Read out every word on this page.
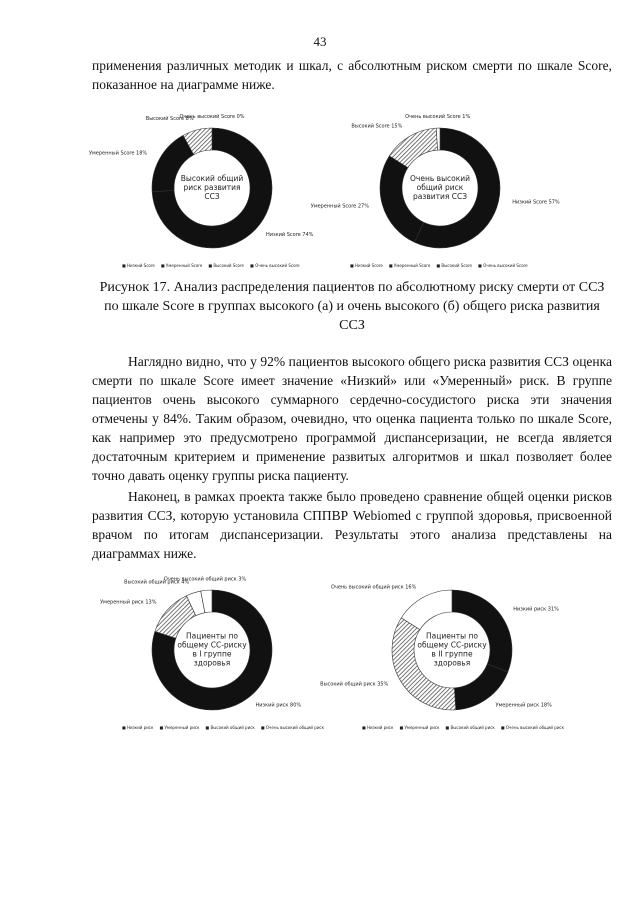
43
применения различных методик и шкал, с абсолютным риском смерти по шкале Score, показанное на диаграмме ниже.
Низкий Score 74%
Умеренный Score 18%
Высокий Score 8%
Очень высокий Score 0%
Высокий общий
риск развития
ССЗ
■ Низкий Score ■ Умеренный Score ■ Высокий Score ■ Очень высокий Score
Низкий Score 57%
Умеренный Score 27%
Высокий Score 15%
Очень высокий Score 1%
Очень высокий
общий риск
развития ССЗ
■ Низкий Score ■ Умеренный Score ■ Высокий Score ■ Очень высокий Score
Рисунок 17. Анализ распределения пациентов по абсолютному риску смерти от ССЗ по шкале Score в группах высокого (а) и очень высокого (б) общего риска развития ССЗ
Наглядно видно, что у 92% пациентов высокого общего риска развития ССЗ оценка смерти по шкале Score имеет значение «Низкий» или «Умеренный» риск. В группе пациентов очень высокого суммарного сердечно-сосудистого риска эти значения отмечены у 84%. Таким образом, очевидно, что оценка пациента только по шкале Score, как например это предусмотрено программой диспансеризации, не всегда является достаточным критерием и применение развитых алгоритмов и шкал позволяет более точно давать оценку группы риска пациенту.
Наконец, в рамках проекта также было проведено сравнение общей оценки рисков развития ССЗ, которую установила СППВР Webiomed с группой здоровья, присвоенной врачом по итогам диспансеризации. Результаты этого анализа представлены на диаграммах ниже.
Низкий риск 80%
Умеренный риск 13%
Высокий общий риск 4%
Очень высокий общий риск 3%
Пациенты по
общему СС-риску
в I группе
здоровья
■ Низкий риск ■ Умеренный риск ■ Высокий общий риск ■ Очень высокий общий риск
Низкий риск 31%
Умеренный риск 18%
Высокий общий риск 35%
Очень высокий общий риск 16%
Пациенты по
общему СС-риску
в II группе
здоровья
■ Низкий риск ■ Умеренный риск ■ Высокий общий риск ■ Очень высокий общий риск
